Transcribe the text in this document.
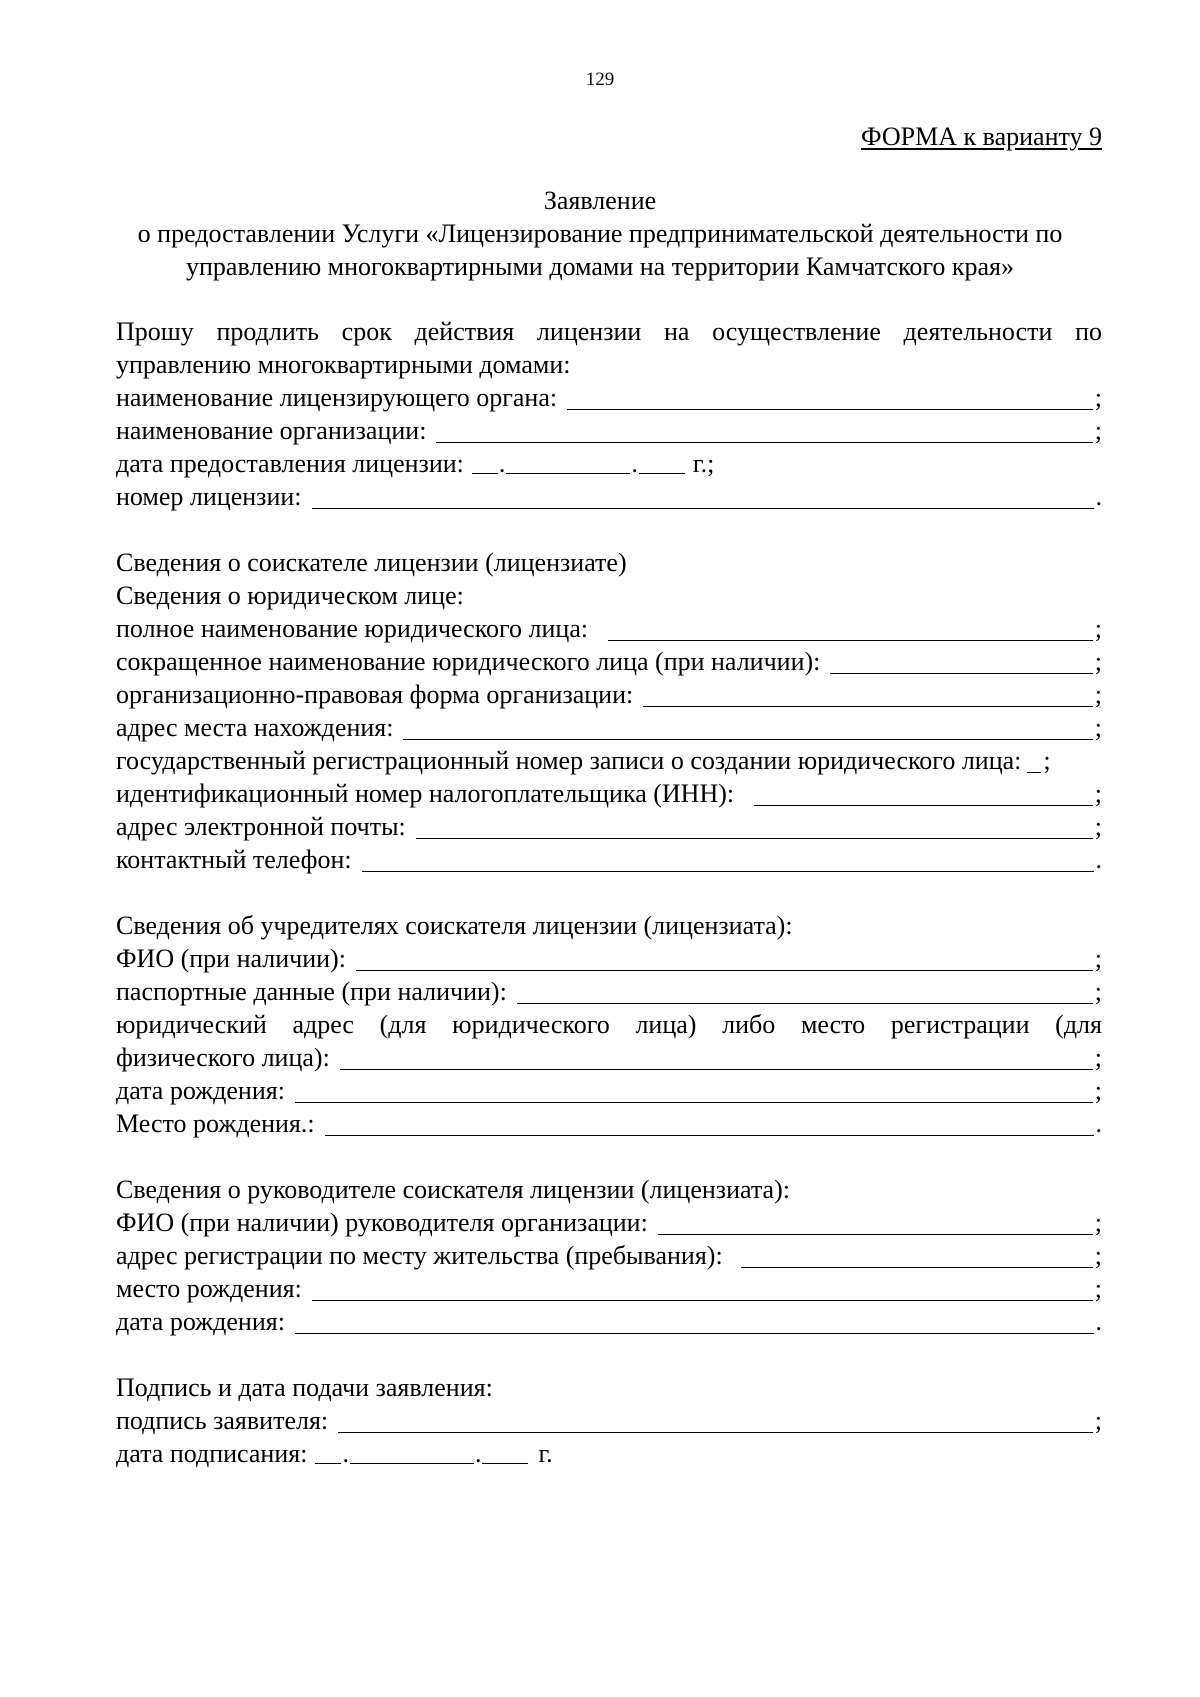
129
ФОРМА к варианту 9
Заявление
о предоставлении Услуги «Лицензирование предпринимательской деятельности по
управлению многоквартирными домами на территории Камчатского края»
Прошу продлить срок действия лицензии на осуществление деятельности по
управлению многоквартирными домами:
наименование лицензирующего органа:	;
наименование организации:	;
дата предоставления лицензии: .	. г.;
номер лицензии:	.
Сведения о соискателе лицензии (лицензиате)
Сведения о юридическом лице:
полное наименование юридического лица:	;
сокращенное наименование юридического лица (при наличии):	;
организационно-правовая форма организации:	;
адрес места нахождения:	;
государственный регистрационный номер записи о создании юридического лица: ;
идентификационный номер налогоплательщика (ИНН):	;
адрес электронной почты:	;
контактный телефон:	.
Сведения об учредителях соискателя лицензии (лицензиата):
ФИО (при наличии):	;
паспортные данные (при наличии):	;
юридический адрес (для юридического лица) либо место регистрации (для
физического лица):	;
дата рождения:	;
Место рождения.:	.
Сведения о руководителе соискателя лицензии (лицензиата):
ФИО (при наличии) руководителя организации:	;
адрес регистрации по месту жительства (пребывания):	;
место рождения:	;
дата рождения:	.
Подпись и дата подачи заявления:
подпись заявителя:	;
дата подписания: .	. г.
